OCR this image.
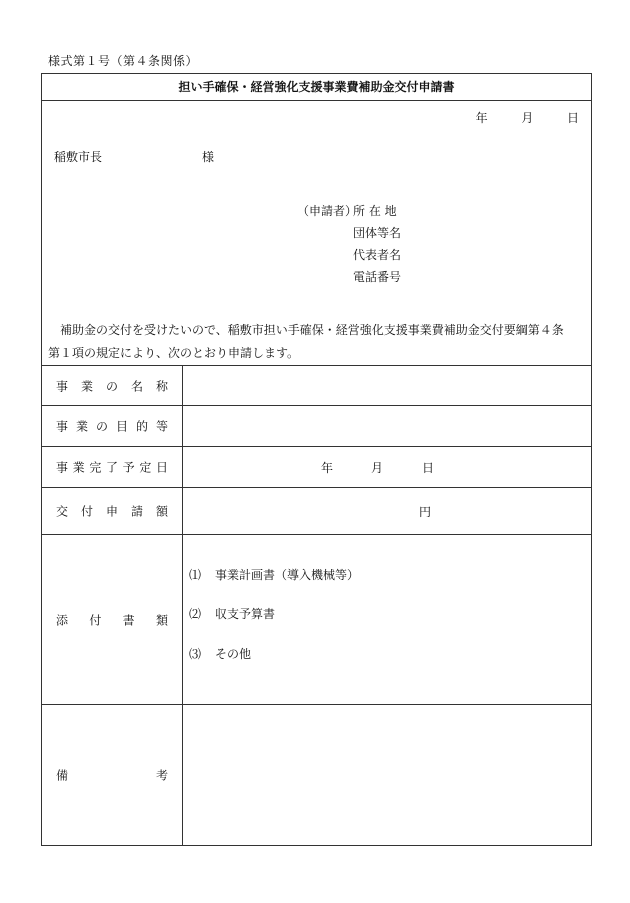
様式第１号（第４条関係）
担い手確保・経営強化支援事業費補助金交付申請書
年	月	日
稲敷市長	様
（申請者）
所 在 地
団体等名
代表者名
電話番号
補助金の交付を受けたいので、稲敷市担い手確保・経営強化支援事業費補助金交付要綱第４条
第１項の規定により、次のとおり申請します。
事業の名称
事業の目的等
事業完了予定日	年	月	日
交付申請額	円
添付書類
⑴ 事業計画書（導入機械等）
⑵ 収支予算書
⑶ その他
備考
